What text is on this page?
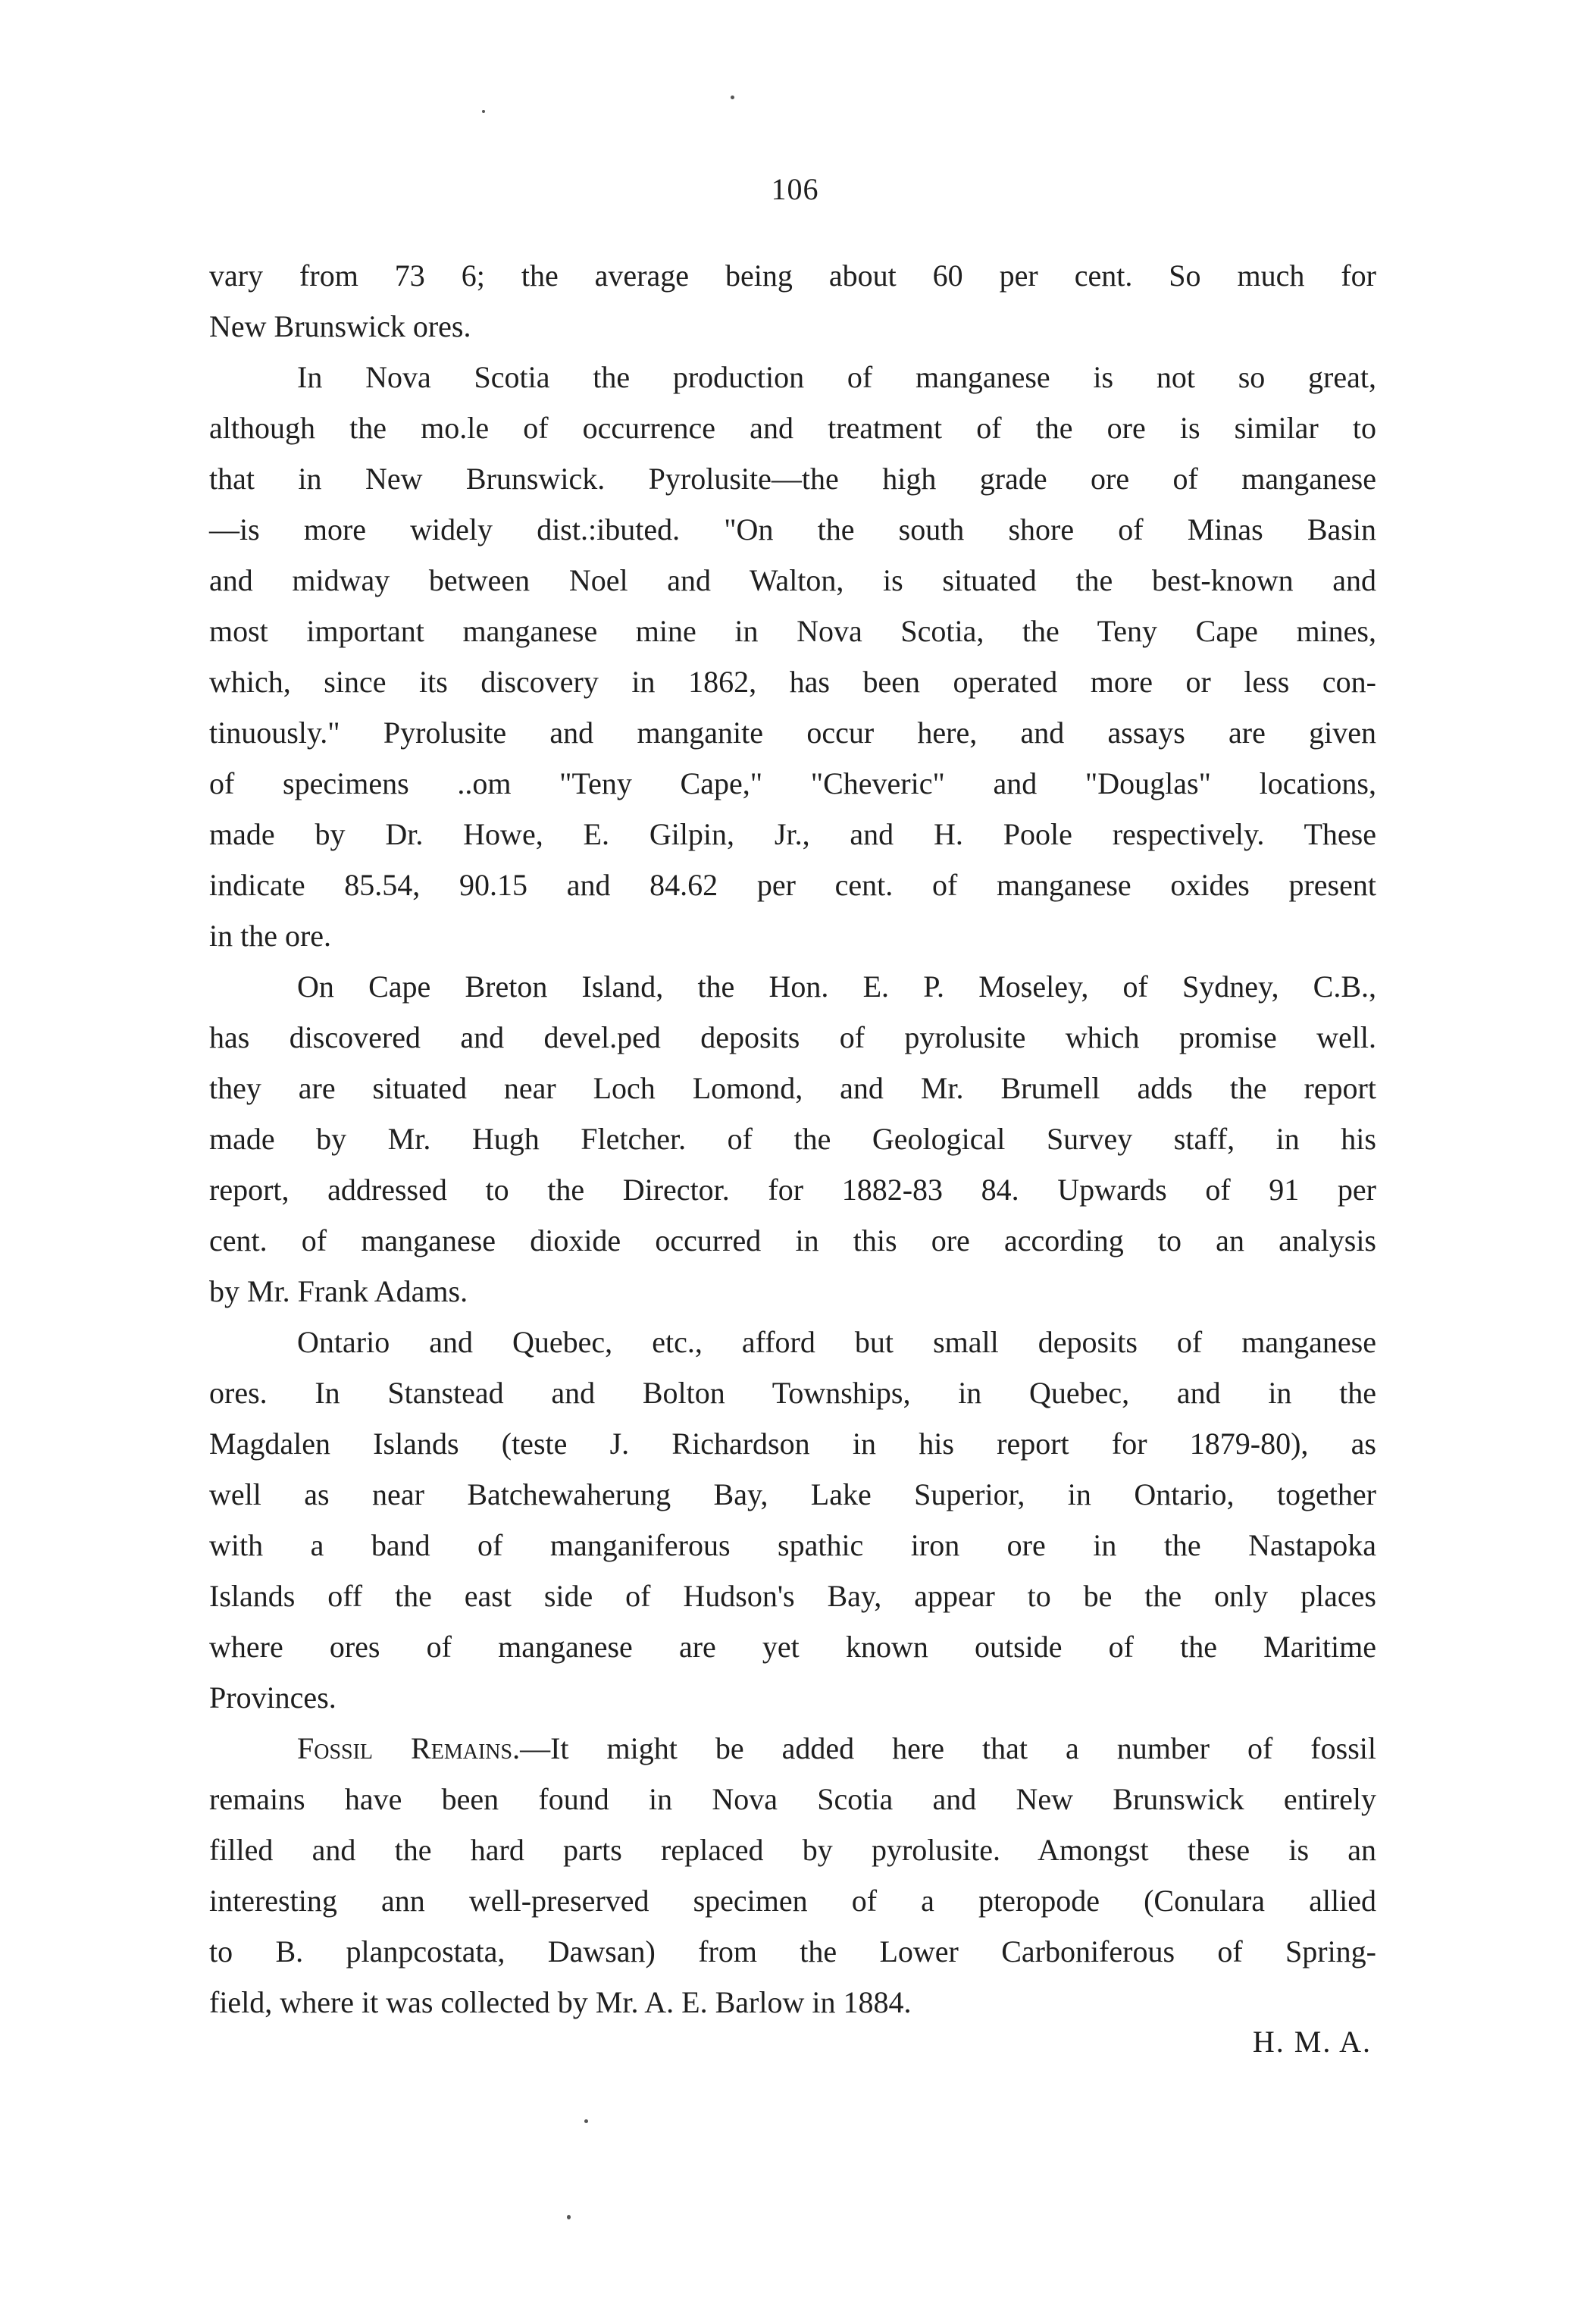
106
vary from 73 6; the average being about 60 per cent. So much for
New Brunswick ores.
In Nova Scotia the production of manganese is not so great,
although the mo.le of occurrence and treatment of the ore is similar to
that in New Brunswick. Pyrolusite—the high grade ore of manganese
—is more widely dist.:ibuted. "On the south shore of Minas Basin
and midway between Noel and Walton, is situated the best-known and
most important manganese mine in Nova Scotia, the Teny Cape mines,
which, since its discovery in 1862, has been operated more or less con-
tinuously." Pyrolusite and manganite occur here, and assays are given
of specimens ..om "Teny Cape," "Cheveric" and "Douglas" locations,
made by Dr. Howe, E. Gilpin, Jr., and H. Poole respectively. These
indicate 85.54, 90.15 and 84.62 per cent. of manganese oxides present
in the ore.
On Cape Breton Island, the Hon. E. P. Moseley, of Sydney, C.B.,
has discovered and devel.ped deposits of pyrolusite which promise well.
they are situated near Loch Lomond, and Mr. Brumell adds the report
made by Mr. Hugh Fletcher. of the Geological Survey staff, in his
report, addressed to the Director. for 1882-83 84. Upwards of 91 per
cent. of manganese dioxide occurred in this ore according to an analysis
by Mr. Frank Adams.
Ontario and Quebec, etc., afford but small deposits of manganese
ores. In Stanstead and Bolton Townships, in Quebec, and in the
Magdalen Islands (teste J. Richardson in his report for 1879-80), as
well as near Batchewaherung Bay, Lake Superior, in Ontario, together
with a band of manganiferous spathic iron ore in the Nastapoka
Islands off the east side of Hudson's Bay, appear to be the only places
where ores of manganese are yet known outside of the Maritime
Provinces.
Fossil Remains.—It might be added here that a number of fossil
remains have been found in Nova Scotia and New Brunswick entirely
filled and the hard parts replaced by pyrolusite. Amongst these is an
interesting ann well-preserved specimen of a pteropode (Conulara allied
to B. planpcostata, Dawsan) from the Lower Carboniferous of Spring-
field, where it was collected by Mr. A. E. Barlow in 1884.
H. M. A.
